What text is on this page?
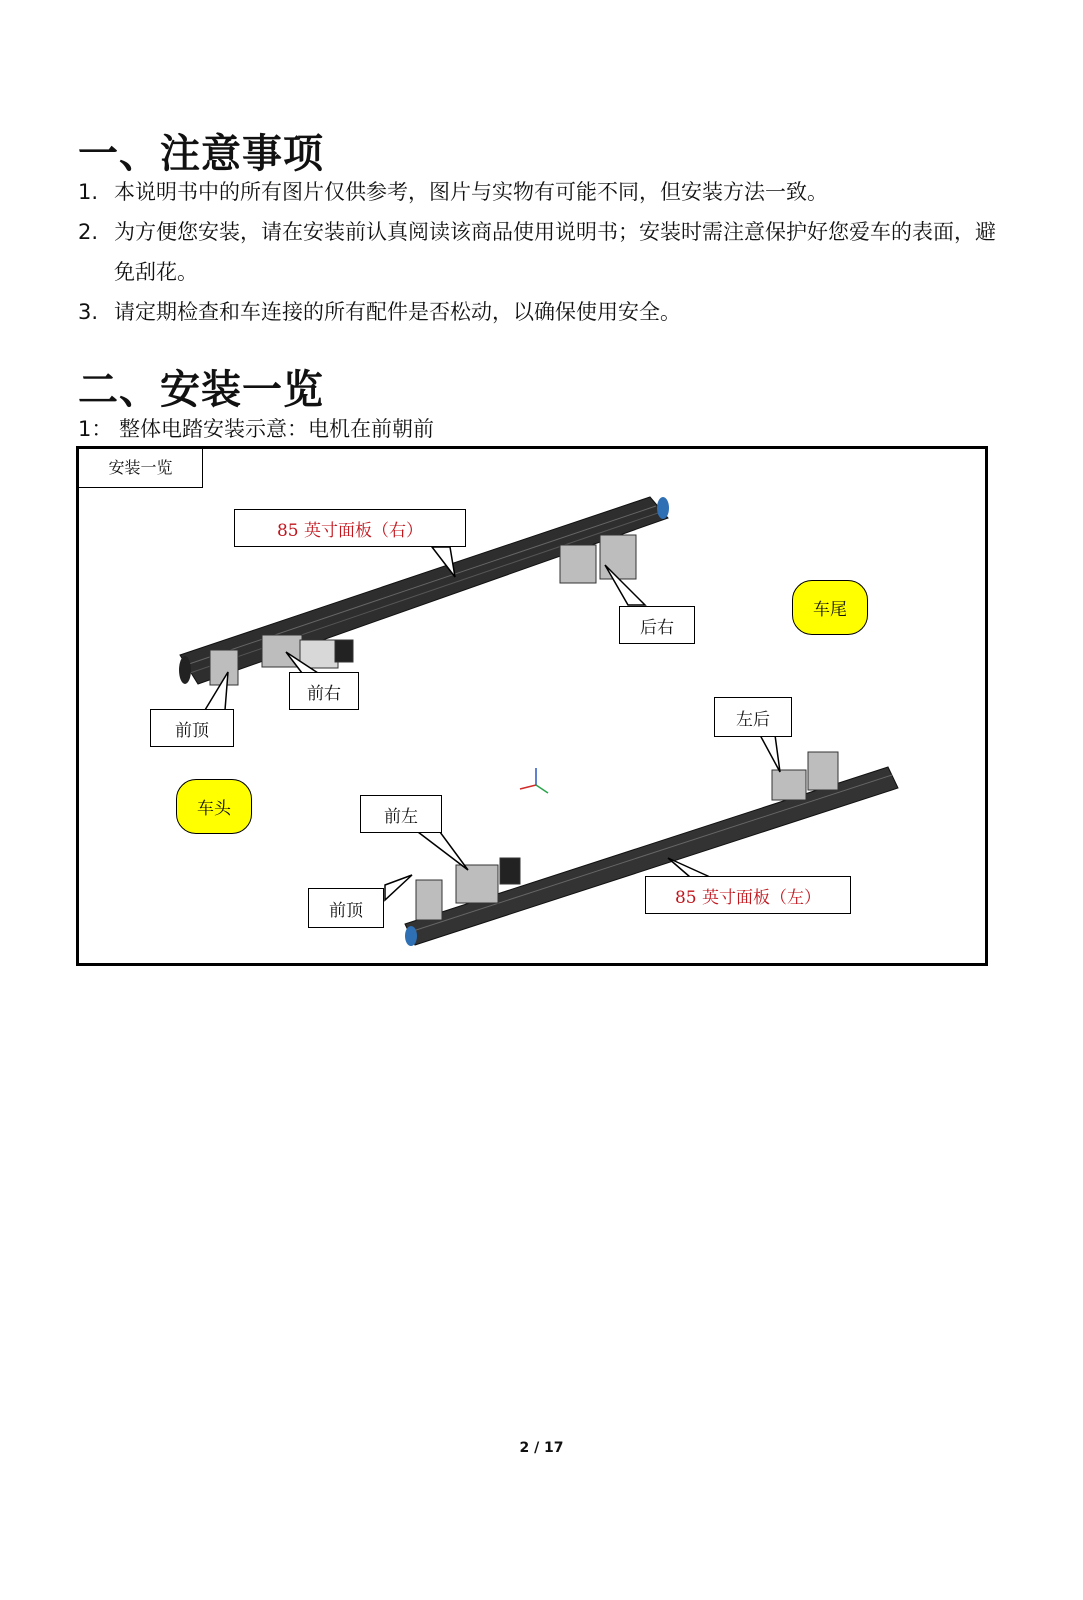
一、注意事项
1. 本说明书中的所有图片仅供参考，图片与实物有可能不同，但安装方法一致。
2. 为方便您安装，请在安装前认真阅读该商品使用说明书；安装时需注意保护好您爱车的表面，避免刮花。
3. 请定期检查和车连接的所有配件是否松动，以确保使用安全。
二、安装一览
1： 整体电踏安装示意：电机在前朝前
安装一览
85 英寸面板（右）
后右
前右
前顶
左后
前左
前顶
85 英寸面板（左）
车尾
车头
2 / 17
